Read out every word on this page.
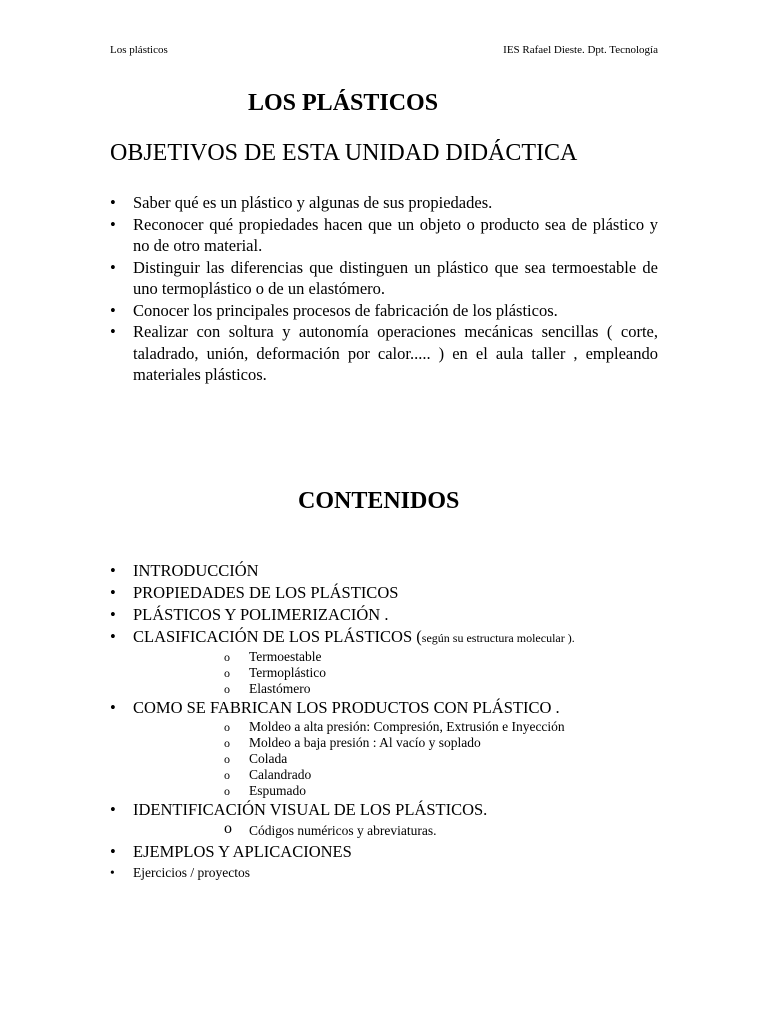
Los plásticos	IES Rafael Dieste. Dpt. Tecnología
LOS PLÁSTICOS
OBJETIVOS DE ESTA UNIDAD DIDÁCTICA
• Saber qué es un plástico y algunas de sus propiedades.
• Reconocer qué propiedades hacen que un objeto o producto sea de plástico y no de otro material.
• Distinguir las diferencias que distinguen un plástico que sea termoestable de uno termoplástico o de un elastómero.
• Conocer los principales procesos de fabricación de los plásticos.
• Realizar con soltura y autonomía operaciones mecánicas sencillas ( corte, taladrado, unión, deformación por calor..... ) en el aula taller , empleando materiales plásticos.
CONTENIDOS
• INTRODUCCIÓN
• PROPIEDADES DE LOS PLÁSTICOS
• PLÁSTICOS Y POLIMERIZACIÓN .
• CLASIFICACIÓN DE LOS PLÁSTICOS (según su estructura molecular ).
o Termoestable
o Termoplástico
o Elastómero
• COMO SE FABRICAN LOS PRODUCTOS CON PLÁSTICO .
o Moldeo a alta presión: Compresión, Extrusión e Inyección
o Moldeo a baja presión : Al vacío y soplado
o Colada
o Calandrado
o Espumado
• IDENTIFICACIÓN VISUAL DE LOS PLÁSTICOS.
o Códigos numéricos y abreviaturas.
• EJEMPLOS Y APLICACIONES
• Ejercicios / proyectos
